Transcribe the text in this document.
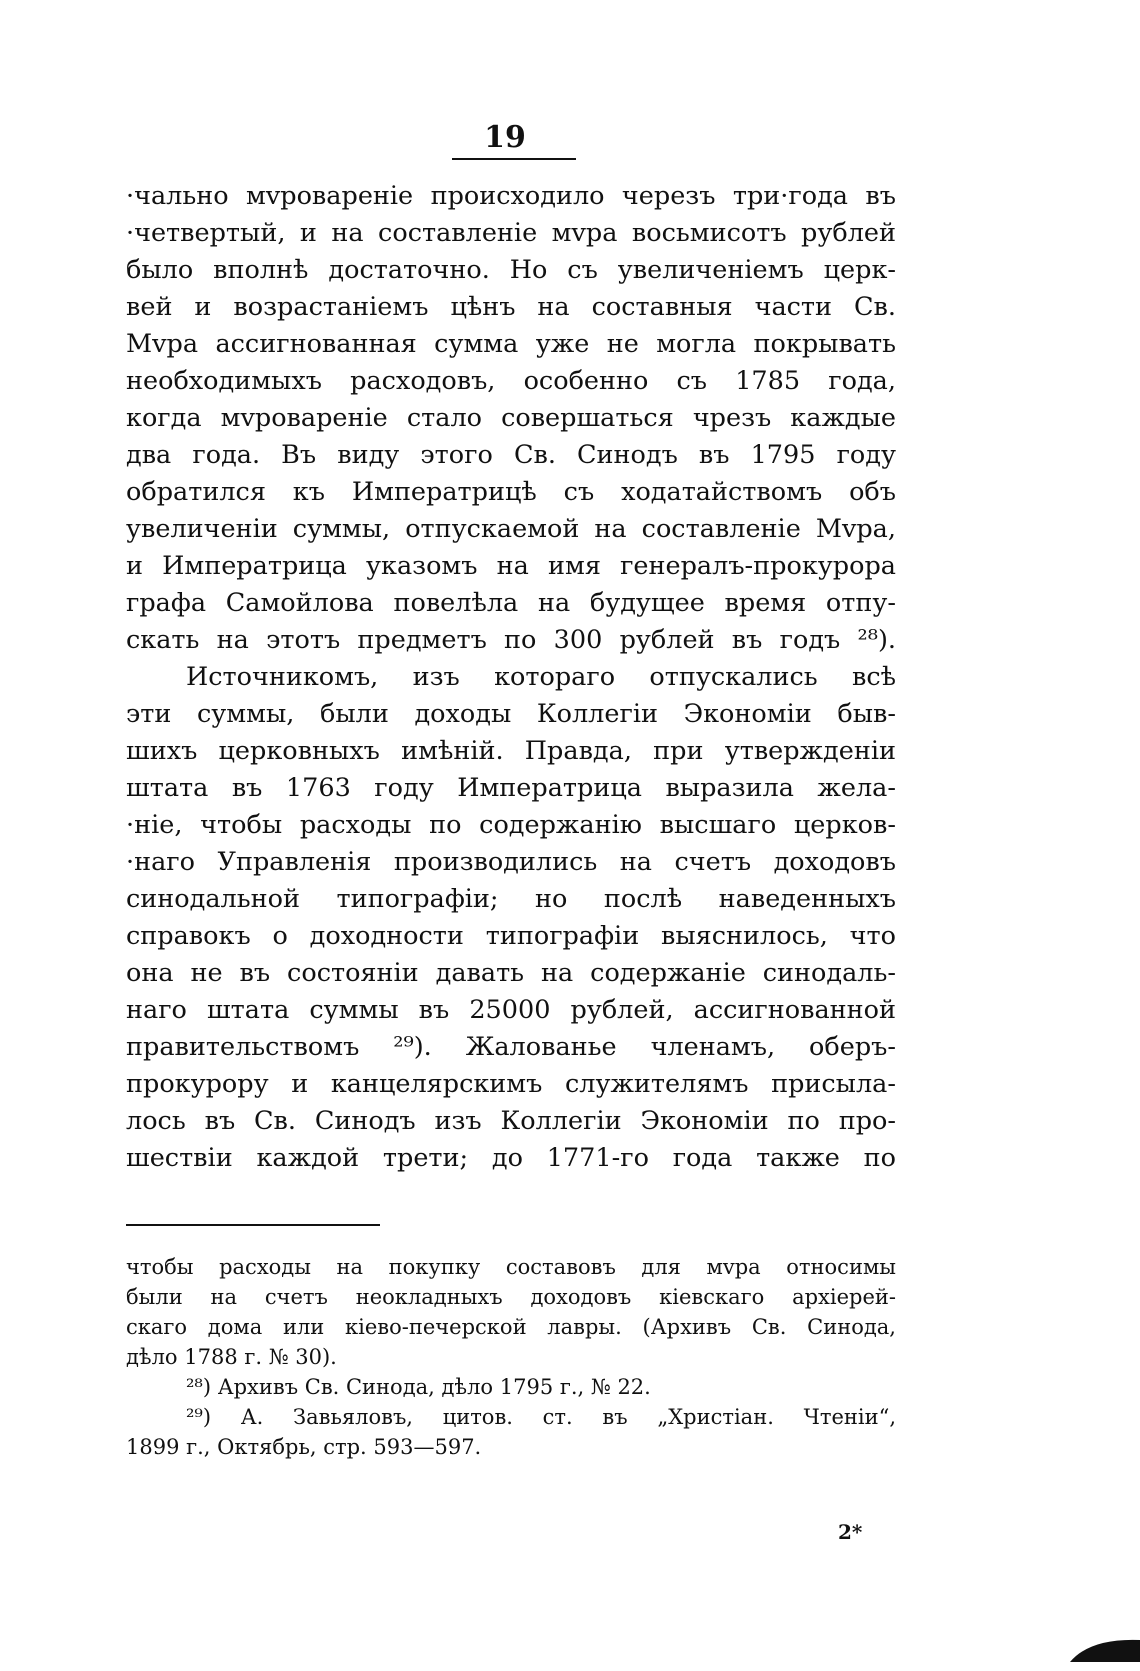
19
·чально мvровареніе происходило черезъ три·года въ
·четвертый, и на составленіе мvра восьмисотъ рублей
было вполнѣ достаточно. Но съ увеличеніемъ церк-
вей и возрастаніемъ цѣнъ на составныя части Св.
Мvра ассигнованная сумма уже не могла покрывать
необходимыхъ расходовъ, особенно съ 1785 года,
когда мvровареніе стало совершаться чрезъ каждые
два года. Въ виду этого Св. Синодъ въ 1795 году
обратился къ Императрицѣ съ ходатайствомъ объ
увеличеніи суммы, отпускаемой на составленіе Мvра,
и Императрица указомъ на имя генералъ-прокурора
графа Самойлова повелѣла на будущее время отпу-
скать на этотъ предметъ по 300 рублей въ годъ ²⁸).
Источникомъ, изъ котораго отпускались всѣ
эти суммы, были доходы Коллегіи Экономіи быв-
шихъ церковныхъ имѣній. Правда, при утвержденіи
штата въ 1763 году Императрица выразила жела-
·ніе, чтобы расходы по содержанію высшаго церков-
·наго Управленія производились на счетъ доходовъ
синодальной типографіи; но послѣ наведенныхъ
справокъ о доходности типографіи выяснилось, что
она не въ состояніи давать на содержаніе синодаль-
наго штата суммы въ 25000 рублей, ассигнованной
правительствомъ ²⁹). Жалованье членамъ, оберъ-
прокурору и канцелярскимъ служителямъ присыла-
лось въ Св. Синодъ изъ Коллегіи Экономіи по про-
шествіи каждой трети; до 1771-го года также по
чтобы расходы на покупку составовъ для мvра относимы
были на счетъ неокладныхъ доходовъ кіевскаго архіерей-
скаго дома или кіево-печерской лавры. (Архивъ Св. Синода,
дѣло 1788 г. № 30).
²⁸) Архивъ Св. Синода, дѣло 1795 г., № 22.
²⁹) А. Завьяловъ, цитов. ст. въ „Христіан. Чтеніи“,
1899 г., Октябрь, стр. 593—597.
2*
